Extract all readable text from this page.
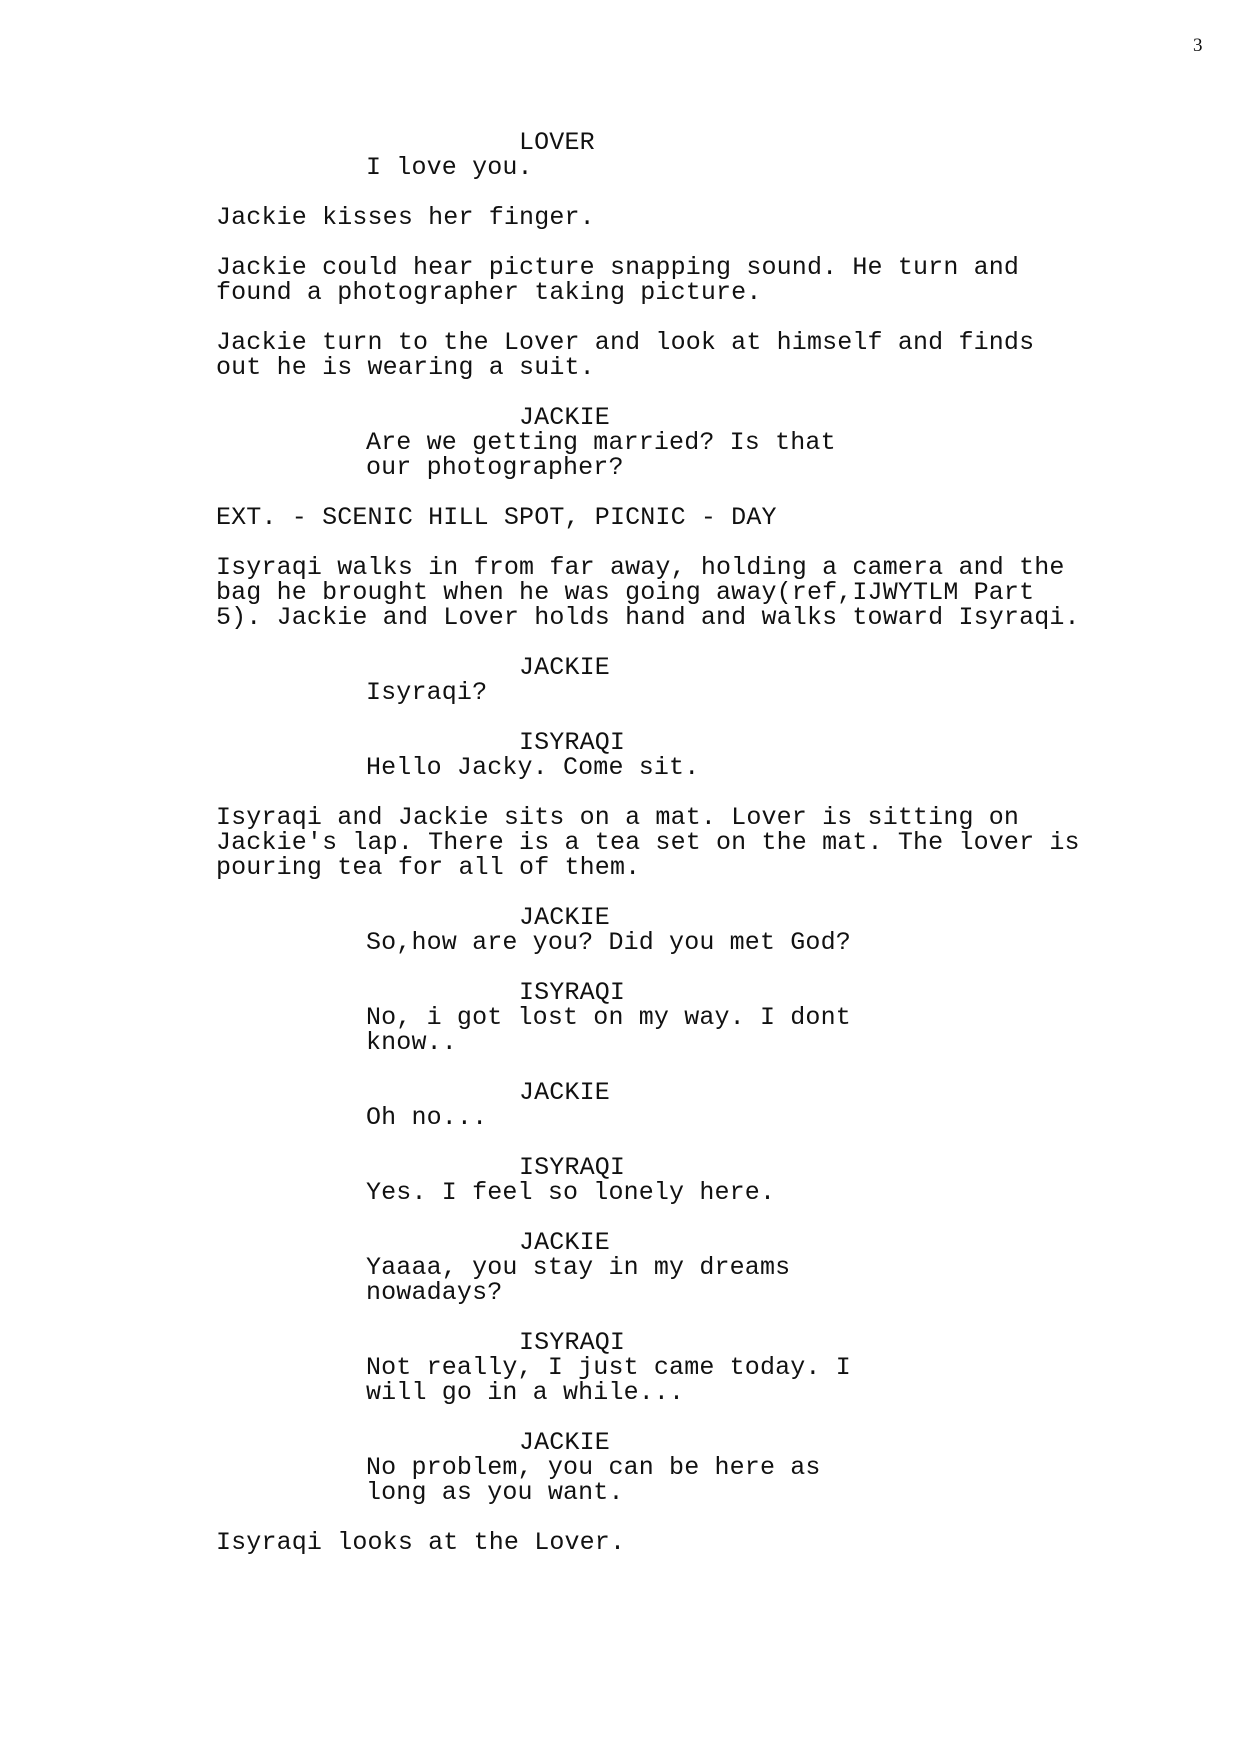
3
LOVER
I love you.
Jackie kisses her finger.
Jackie could hear picture snapping sound. He turn and
found a photographer taking picture.
Jackie turn to the Lover and look at himself and finds
out he is wearing a suit.
JACKIE
Are we getting married? Is that
our photographer?
EXT. - SCENIC HILL SPOT, PICNIC - DAY
Isyraqi walks in from far away, holding a camera and the
bag he brought when he was going away(ref,IJWYTLM Part
5). Jackie and Lover holds hand and walks toward Isyraqi.
JACKIE
Isyraqi?
ISYRAQI
Hello Jacky. Come sit.
Isyraqi and Jackie sits on a mat. Lover is sitting on
Jackie's lap. There is a tea set on the mat. The lover is
pouring tea for all of them.
JACKIE
So,how are you? Did you met God?
ISYRAQI
No, i got lost on my way. I dont
know..
JACKIE
Oh no...
ISYRAQI
Yes. I feel so lonely here.
JACKIE
Yaaaa, you stay in my dreams
nowadays?
ISYRAQI
Not really, I just came today. I
will go in a while...
JACKIE
No problem, you can be here as
long as you want.
Isyraqi looks at the Lover.
